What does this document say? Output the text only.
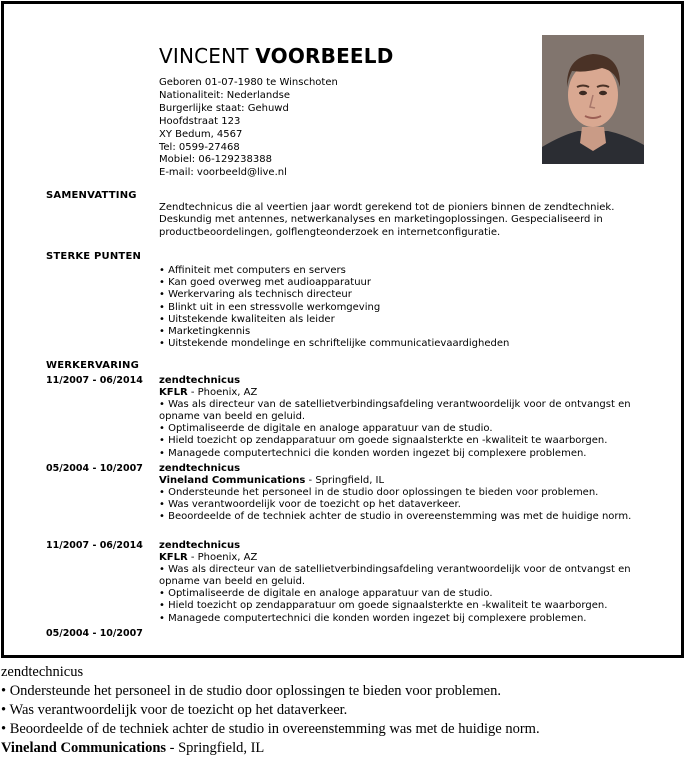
VINCENT VOORBEELD
Geboren 01-07-1980 te Winschoten
Nationaliteit: Nederlandse
Burgerlijke staat: Gehuwd
Hoofdstraat 123
XY Bedum, 4567
Tel: 0599-27468
Mobiel: 06-129238388
E-mail: voorbeeld@live.nl
SAMENVATTING
Zendtechnicus die al veertien jaar wordt gerekend tot de pioniers binnen de zendtechniek. Deskundig met antennes, netwerkanalyses en marketingoplossingen. Gespecialiseerd in productbeoordelingen, golflengteonderzoek en internetconfiguratie.
STERKE PUNTEN
• Affiniteit met computers en servers
• Kan goed overweg met audioapparatuur
• Werkervaring als technisch directeur
• Blinkt uit in een stressvolle werkomgeving
• Uitstekende kwaliteiten als leider
• Marketingkennis
• Uitstekende mondelinge en schriftelijke communicatievaardigheden
WERKERVARING
11/2007 - 06/2014 zendtechnicus
KFLR - Phoenix, AZ
• Was als directeur van de satellietverbindingsafdeling verantwoordelijk voor de ontvangst en opname van beeld en geluid.
• Optimaliseerde de digitale en analoge apparatuur van de studio.
• Hield toezicht op zendapparatuur om goede signaalsterkte en -kwaliteit te waarborgen.
• Managede computertechnici die konden worden ingezet bij complexere problemen.
05/2004 - 10/2007 zendtechnicus
Vineland Communications - Springfield, IL
• Ondersteunde het personeel in de studio door oplossingen te bieden voor problemen.
• Was verantwoordelijk voor de toezicht op het dataverkeer.
• Beoordeelde of de techniek achter de studio in overeenstemming was met de huidige norm.
11/2007 - 06/2014 zendtechnicus
KFLR - Phoenix, AZ
• Was als directeur van de satellietverbindingsafdeling verantwoordelijk voor de ontvangst en opname van beeld en geluid.
• Optimaliseerde de digitale en analoge apparatuur van de studio.
• Hield toezicht op zendapparatuur om goede signaalsterkte en -kwaliteit te waarborgen.
• Managede computertechnici die konden worden ingezet bij complexere problemen.
05/2004 - 10/2007
zendtechnicus
• Ondersteunde het personeel in de studio door oplossingen te bieden voor problemen.
• Was verantwoordelijk voor de toezicht op het dataverkeer.
• Beoordeelde of de techniek achter de studio in overeenstemming was met de huidige norm.
Vineland Communications - Springfield, IL
